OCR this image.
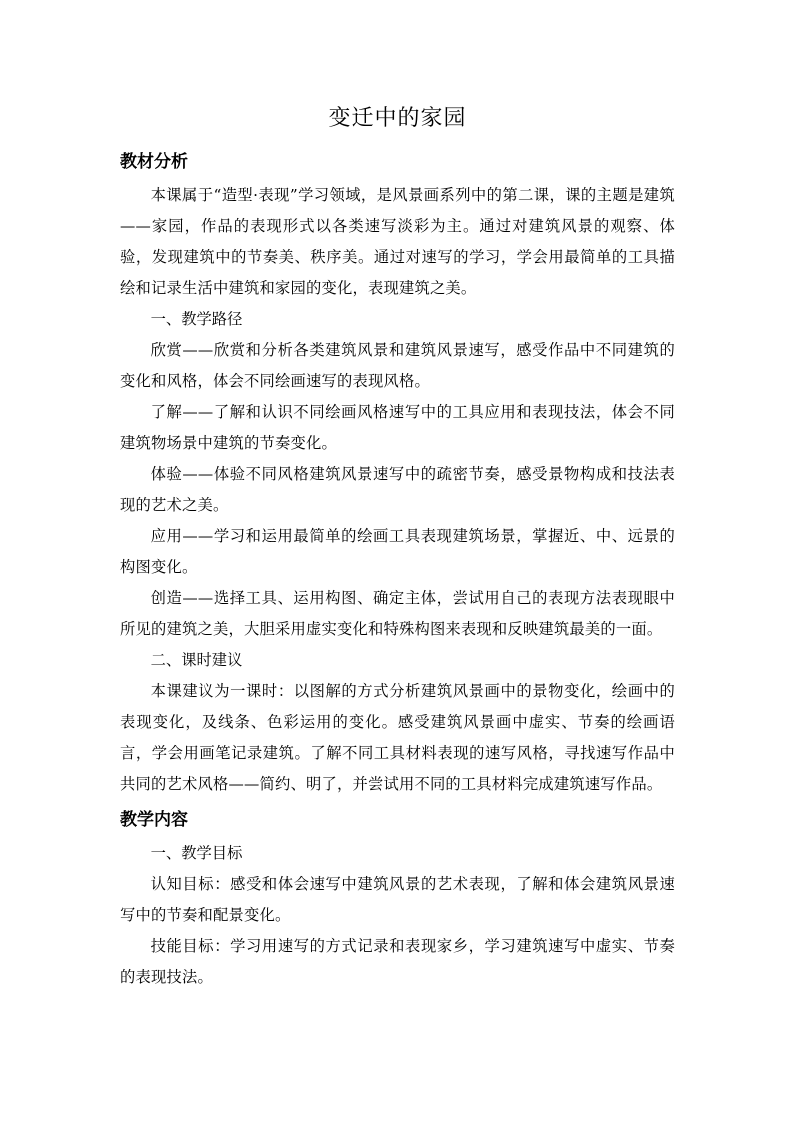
变迁中的家园
教材分析

本课属于“造型·表现”学习领域，是风景画系列中的第二课，课的主题是建筑——家园，作品的表现形式以各类速写淡彩为主。通过对建筑风景的观察、体验，发现建筑中的节奏美、秩序美。通过对速写的学习，学会用最简单的工具描绘和记录生活中建筑和家园的变化，表现建筑之美。

一、教学路径

欣赏——欣赏和分析各类建筑风景和建筑风景速写，感受作品中不同建筑的变化和风格，体会不同绘画速写的表现风格。

了解——了解和认识不同绘画风格速写中的工具应用和表现技法，体会不同建筑物场景中建筑的节奏变化。

体验——体验不同风格建筑风景速写中的疏密节奏，感受景物构成和技法表现的艺术之美。

应用——学习和运用最简单的绘画工具表现建筑场景，掌握近、中、远景的构图变化。

创造——选择工具、运用构图、确定主体，尝试用自己的表现方法表现眼中所见的建筑之美，大胆采用虚实变化和特殊构图来表现和反映建筑最美的一面。

二、课时建议

本课建议为一课时：以图解的方式分析建筑风景画中的景物变化，绘画中的表现变化，及线条、色彩运用的变化。感受建筑风景画中虚实、节奏的绘画语言，学会用画笔记录建筑。了解不同工具材料表现的速写风格，寻找速写作品中共同的艺术风格——简约、明了，并尝试用不同的工具材料完成建筑速写作品。

教学内容

一、教学目标

认知目标：感受和体会速写中建筑风景的艺术表现，了解和体会建筑风景速写中的节奏和配景变化。

技能目标：学习用速写的方式记录和表现家乡，学习建筑速写中虚实、节奏的表现技法。
